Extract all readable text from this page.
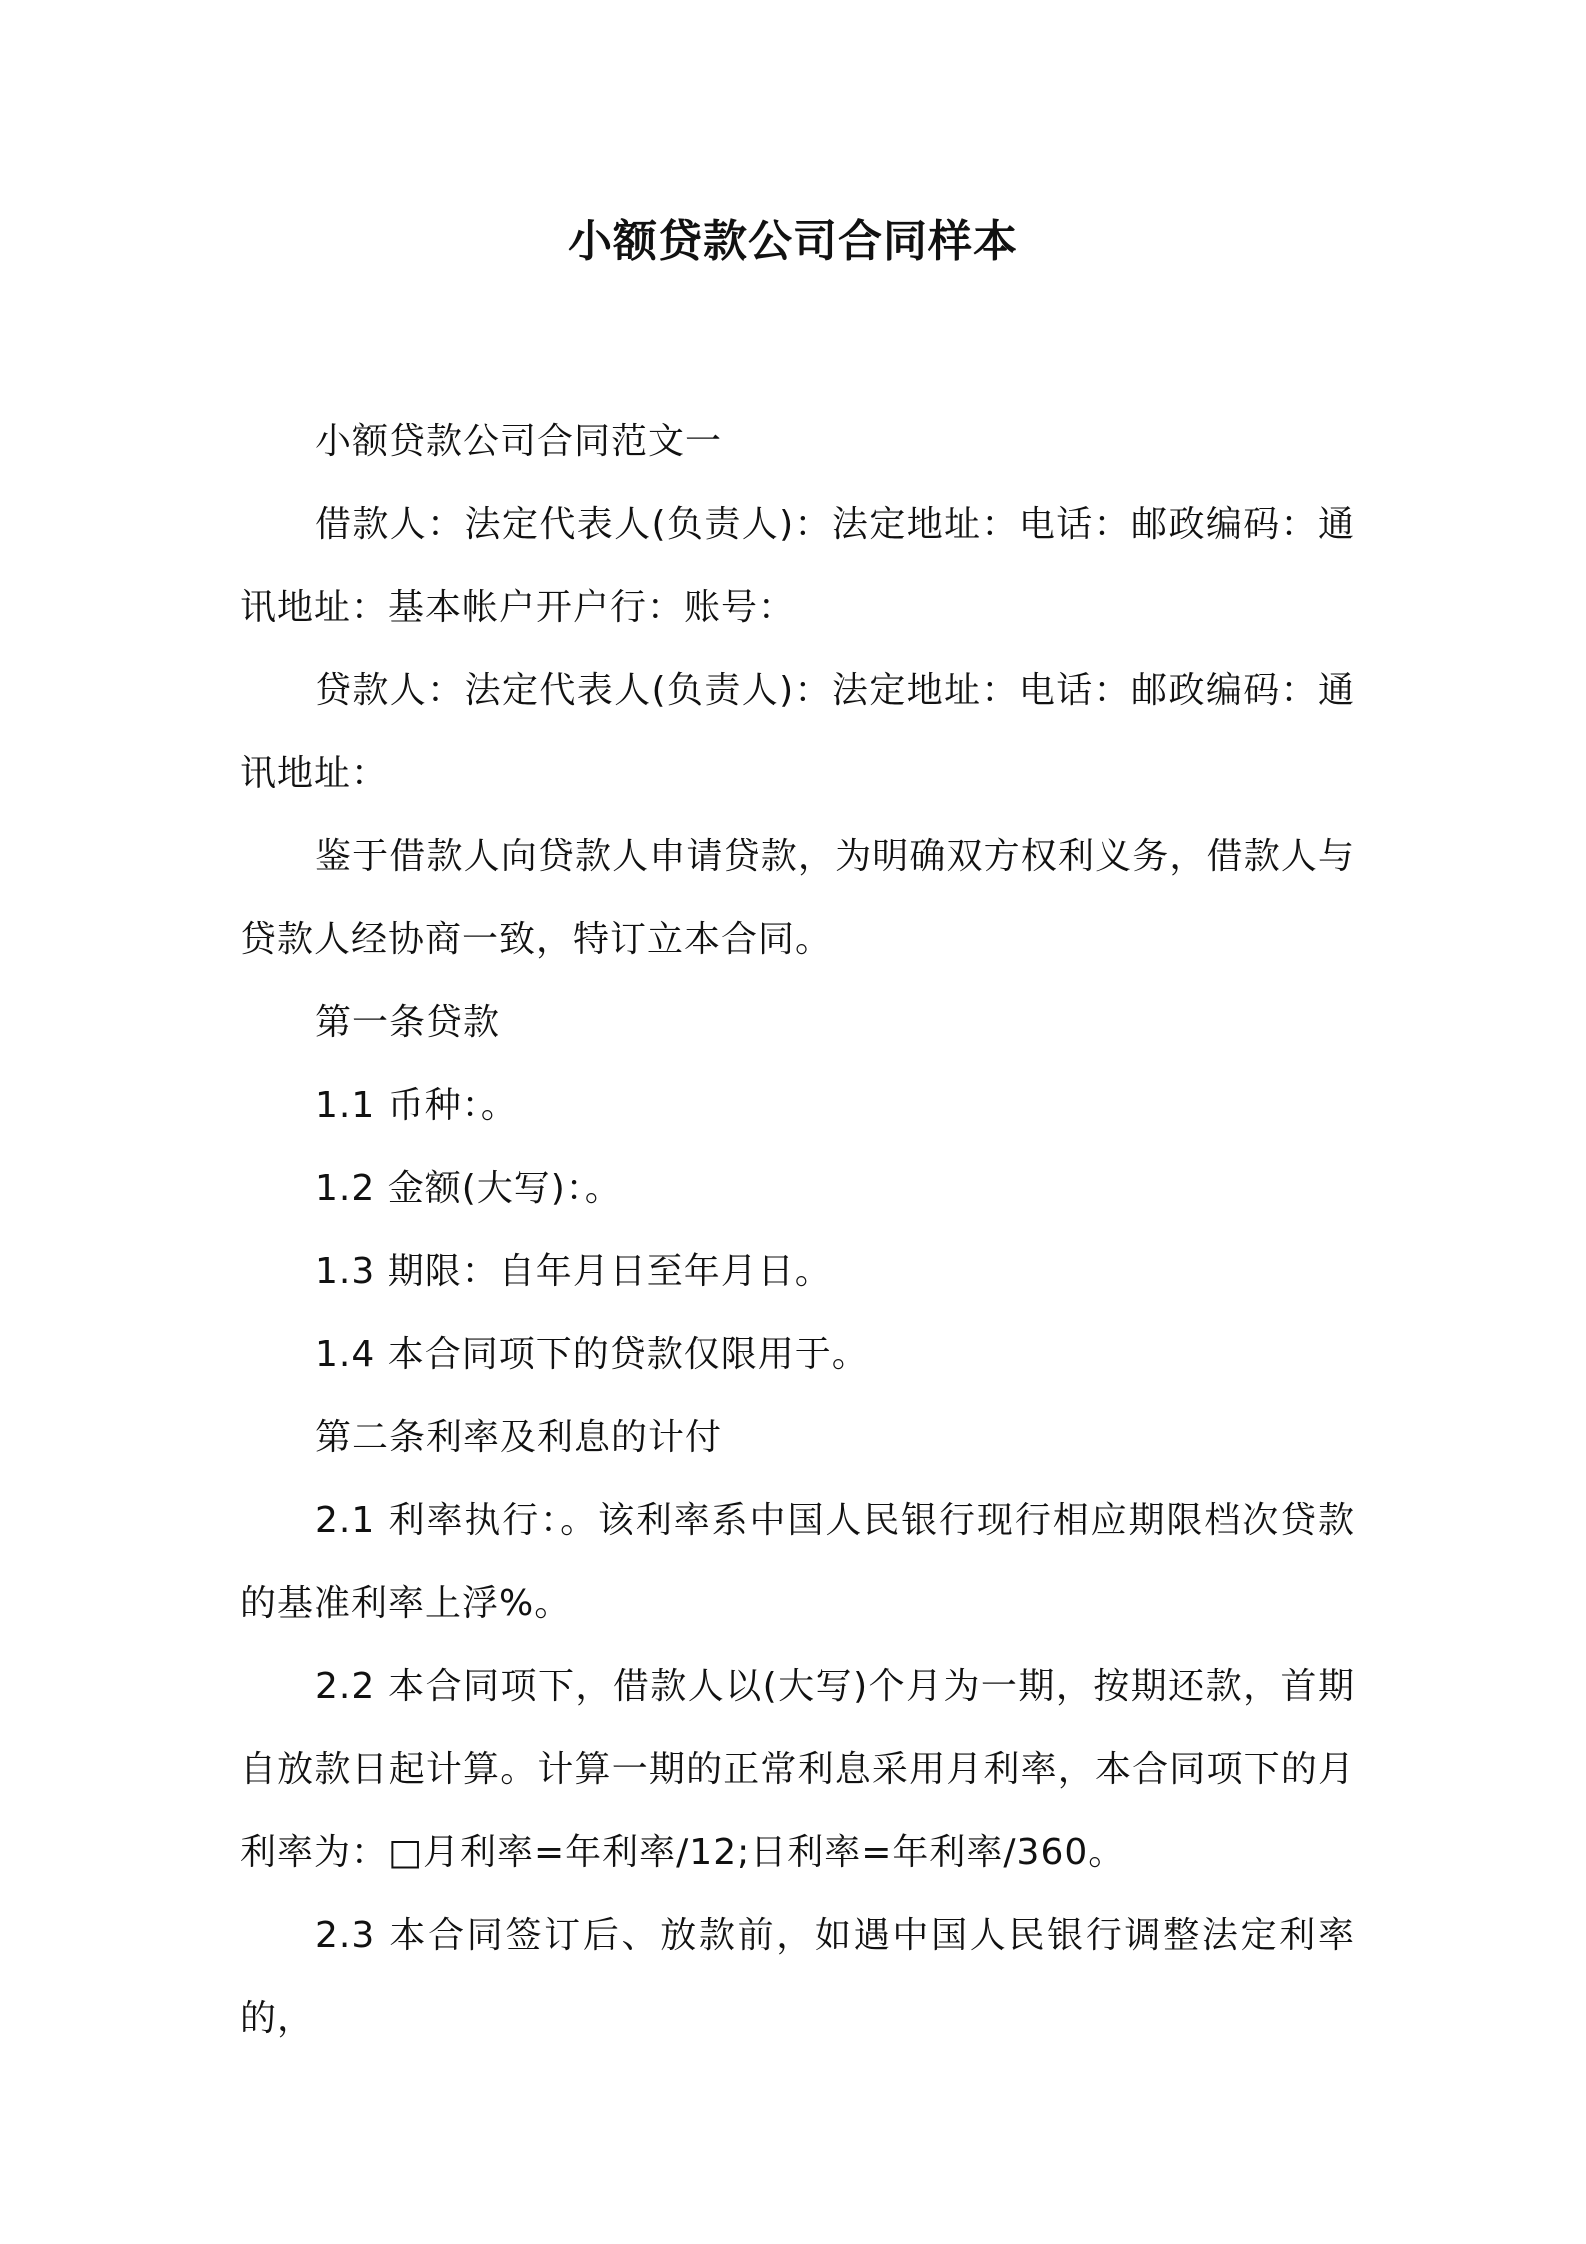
小额贷款公司合同样本

小额贷款公司合同范文一

借款人：法定代表人(负责人)：法定地址：电话：邮政编码：通讯地址：基本帐户开户行：账号：

贷款人：法定代表人(负责人)：法定地址：电话：邮政编码：通讯地址：

鉴于借款人向贷款人申请贷款，为明确双方权利义务，借款人与贷款人经协商一致，特订立本合同。

第一条贷款

1.1 币种：。

1.2 金额(大写)：。

1.3 期限：自年月日至年月日。

1.4 本合同项下的贷款仅限用于。

第二条利率及利息的计付

2.1 利率执行：。该利率系中国人民银行现行相应期限档次贷款的基准利率上浮%。

2.2 本合同项下，借款人以(大写)个月为一期，按期还款，首期自放款日起计算。计算一期的正常利息采用月利率，本合同项下的月利率为：□月利率=年利率/12;日利率=年利率/360。

2.3 本合同签订后、放款前，如遇中国人民银行调整法定利率的，
